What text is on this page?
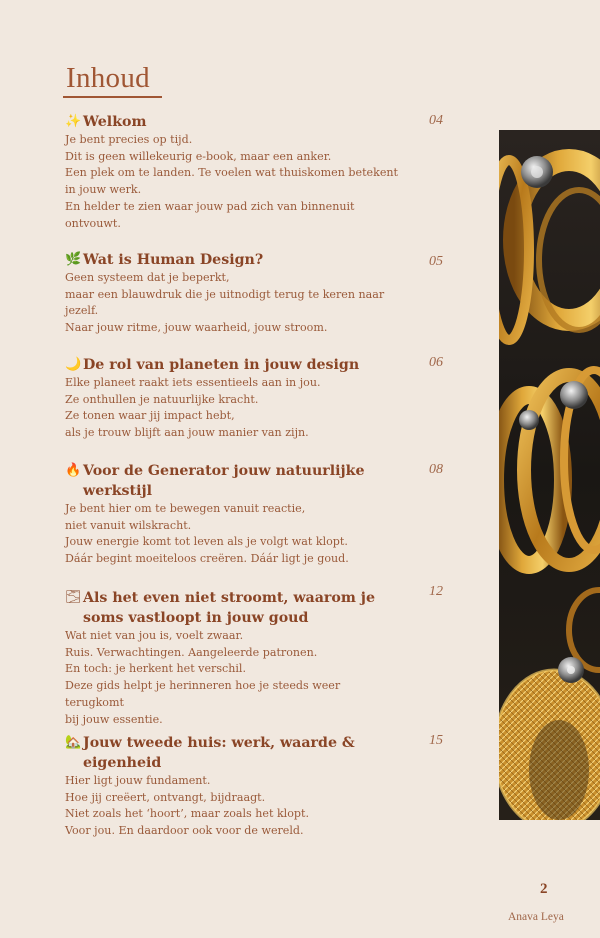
Inhoud
✨ Welkom
Je bent precies op tijd.
Dit is geen willekeurig e-book, maar een anker.
Een plek om te landen. Te voelen wat thuiskomen betekent
in jouw werk.
En helder te zien waar jouw pad zich van binnenuit
ontvouwt.
🌿 Wat is Human Design?
Geen systeem dat je beperkt,
maar een blauwdruk die je uitnodigt terug te keren naar
jezelf.
Naar jouw ritme, jouw waarheid, jouw stroom.
🌙 De rol van planeten in jouw design
Elke planeet raakt iets essentieels aan in jou.
Ze onthullen je natuurlijke kracht.
Ze tonen waar jij impact hebt,
als je trouw blijft aan jouw manier van zijn.
🔥 Voor de Generator jouw natuurlijke werkstijl
Je bent hier om te bewegen vanuit reactie,
niet vanuit wilskracht.
Jouw energie komt tot leven als je volgt wat klopt.
Dáár begint moeiteloos creëren. Dáár ligt je goud.
🌫 Als het even niet stroomt, waarom je soms vastloopt in jouw goud
Wat niet van jou is, voelt zwaar.
Ruis. Verwachtingen. Aangeleerde patronen.
En toch: je herkent het verschil.
Deze gids helpt je herinneren hoe je steeds weer terugkomt
bij jouw essentie.
🏡 Jouw tweede huis: werk, waarde & eigenheid
Hier ligt jouw fundament.
Hoe jij creëert, ontvangt, bijdraagt.
Niet zoals het ‘hoort’, maar zoals het klopt.
Voor jou. En daardoor ook voor de wereld.
04
05
06
08
12
15
2
Anava Leya
